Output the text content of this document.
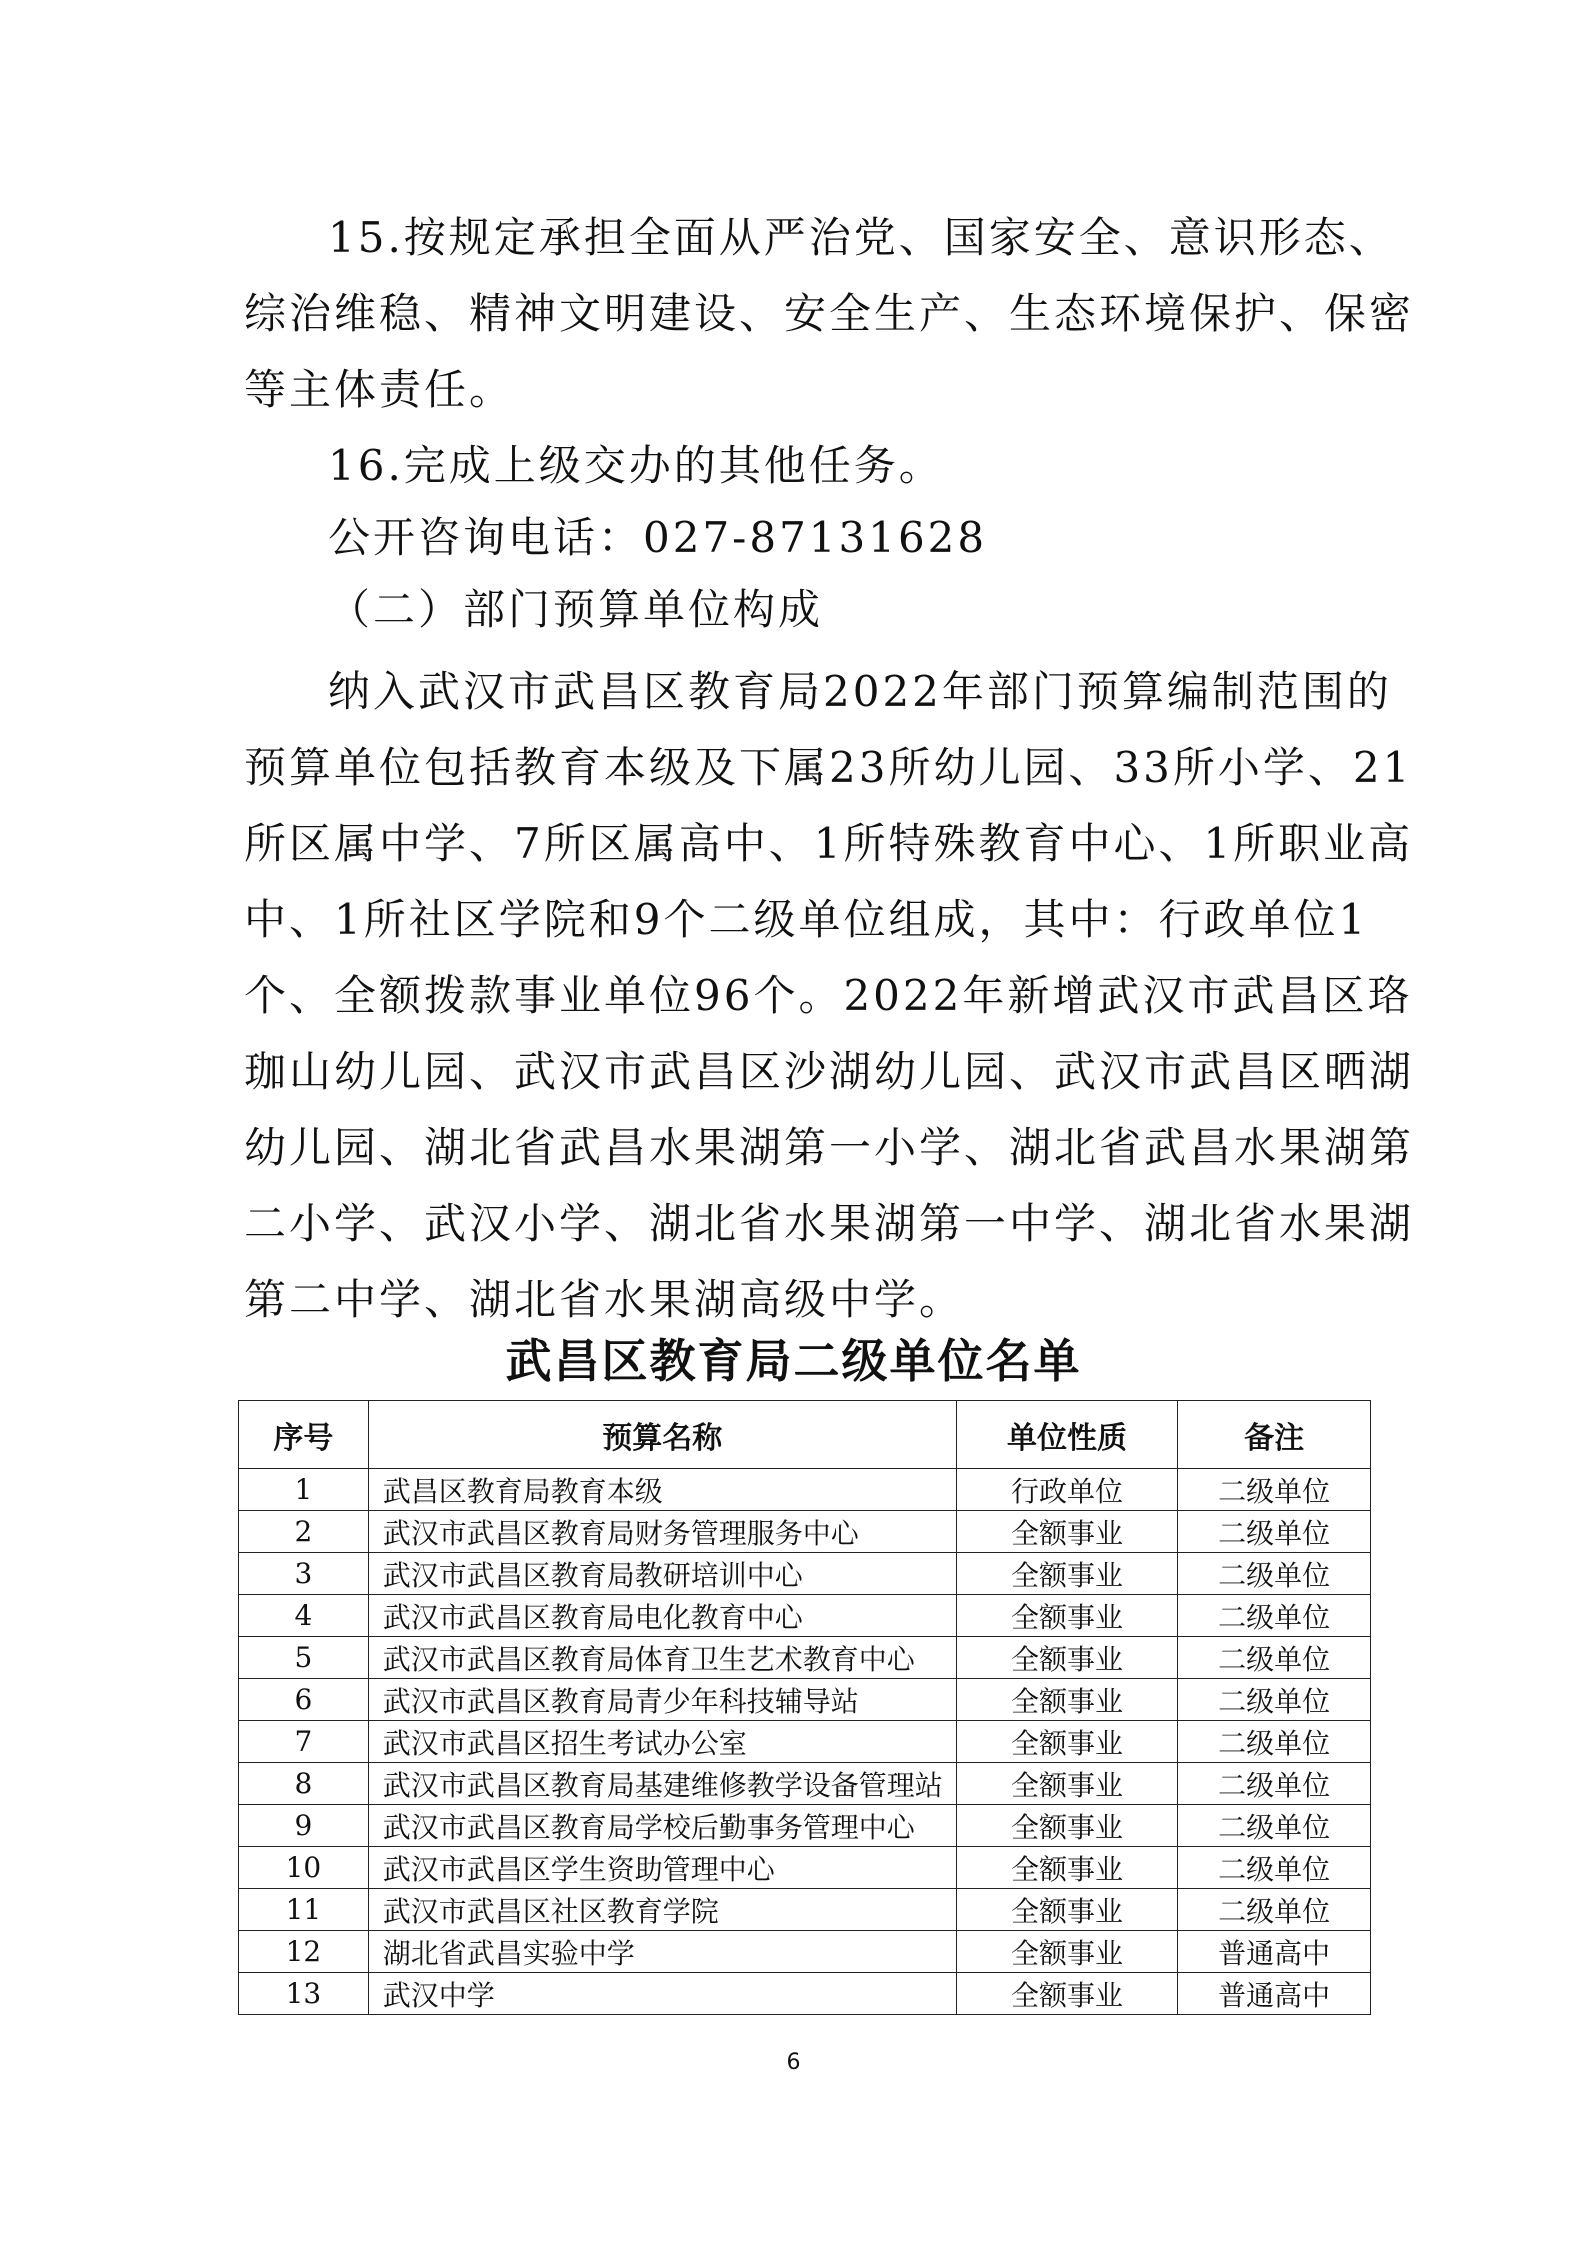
15.按规定承担全面从严治党、国家安全、意识形态、
综治维稳、精神文明建设、安全生产、生态环境保护、保密
等主体责任。

16.完成上级交办的其他任务。

公开咨询电话：027-87131628

（二）部门预算单位构成

纳入武汉市武昌区教育局2022年部门预算编制范围的
预算单位包括教育本级及下属23所幼儿园、33所小学、21
所区属中学、7所区属高中、1所特殊教育中心、1所职业高
中、1所社区学院和9个二级单位组成，其中：行政单位1
个、全额拨款事业单位96个。2022年新增武汉市武昌区珞
珈山幼儿园、武汉市武昌区沙湖幼儿园、武汉市武昌区晒湖
幼儿园、湖北省武昌水果湖第一小学、湖北省武昌水果湖第
二小学、武汉小学、湖北省水果湖第一中学、湖北省水果湖
第二中学、湖北省水果湖高级中学。

武昌区教育局二级单位名单

序号	预算名称	单位性质	备注
1	武昌区教育局教育本级	行政单位	二级单位
2	武汉市武昌区教育局财务管理服务中心	全额事业	二级单位
3	武汉市武昌区教育局教研培训中心	全额事业	二级单位
4	武汉市武昌区教育局电化教育中心	全额事业	二级单位
5	武汉市武昌区教育局体育卫生艺术教育中心	全额事业	二级单位
6	武汉市武昌区教育局青少年科技辅导站	全额事业	二级单位
7	武汉市武昌区招生考试办公室	全额事业	二级单位
8	武汉市武昌区教育局基建维修教学设备管理站	全额事业	二级单位
9	武汉市武昌区教育局学校后勤事务管理中心	全额事业	二级单位
10	武汉市武昌区学生资助管理中心	全额事业	二级单位
11	武汉市武昌区社区教育学院	全额事业	二级单位
12	湖北省武昌实验中学	全额事业	普通高中
13	武汉中学	全额事业	普通高中

6
